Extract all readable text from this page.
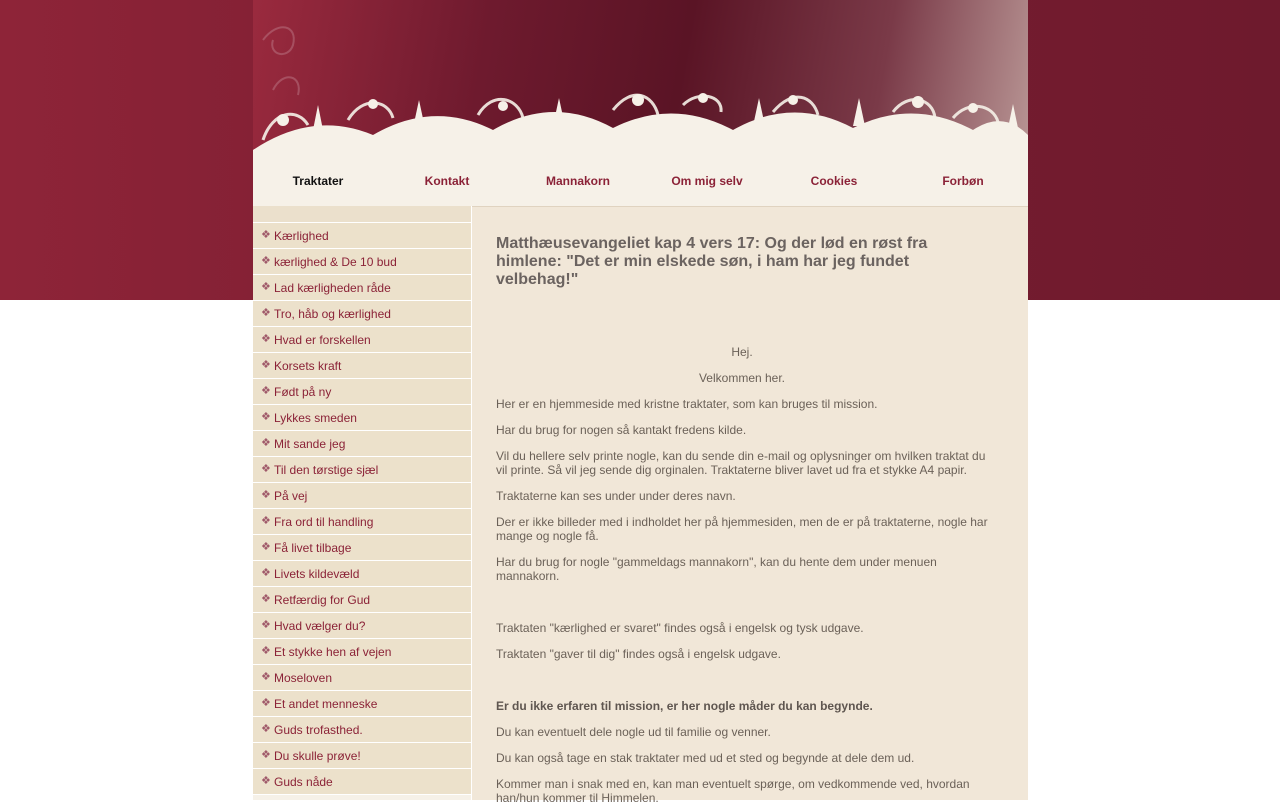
Traktater	Kontakt	Mannakorn	Om mig selv	Cookies	Forbøn
❖ Kærlighed
❖ kærlighed & De 10 bud
❖ Lad kærligheden råde
❖ Tro, håb og kærlighed
❖ Hvad er forskellen
❖ Korsets kraft
❖ Født på ny
❖ Lykkes smeden
❖ Mit sande jeg
❖ Til den tørstige sjæl
❖ På vej
❖ Fra ord til handling
❖ Få livet tilbage
❖ Livets kildevæld
❖ Retfærdig for Gud
❖ Hvad vælger du?
❖ Et stykke hen af vejen
❖ Moseloven
❖ Et andet menneske
❖ Guds trofasthed.
❖ Du skulle prøve!
❖ Guds nåde
Matthæusevangeliet kap 4 vers 17: Og der lød en røst fra himlene: "Det er min elskede søn, i ham har jeg fundet velbehag!"

Hej.

Velkommen her.

Her er en hjemmeside med kristne traktater, som kan bruges til mission.

Har du brug for nogen så kantakt fredens kilde.

Vil du hellere selv printe nogle, kan du sende din e-mail og oplysninger om hvilken traktat du vil printe. Så vil jeg sende dig orginalen. Traktaterne bliver lavet ud fra et stykke A4 papir.

Traktaterne kan ses under under deres navn.

Der er ikke billeder med i indholdet her på hjemmesiden, men de er på traktaterne, nogle har mange og nogle få.

Har du brug for nogle "gammeldags mannakorn", kan du hente dem under menuen mannakorn.

Traktaten "kærlighed er svaret" findes også i engelsk og tysk udgave.

Traktaten "gaver til dig" findes også i engelsk udgave.

Er du ikke erfaren til mission, er her nogle måder du kan begynde.

Du kan eventuelt dele nogle ud til familie og venner.

Du kan også tage en stak traktater med ud et sted og begynde at dele dem ud.

Kommer man i snak med en, kan man eventuelt spørge, om vedkommende ved, hvordan han/hun kommer til Himmelen.
